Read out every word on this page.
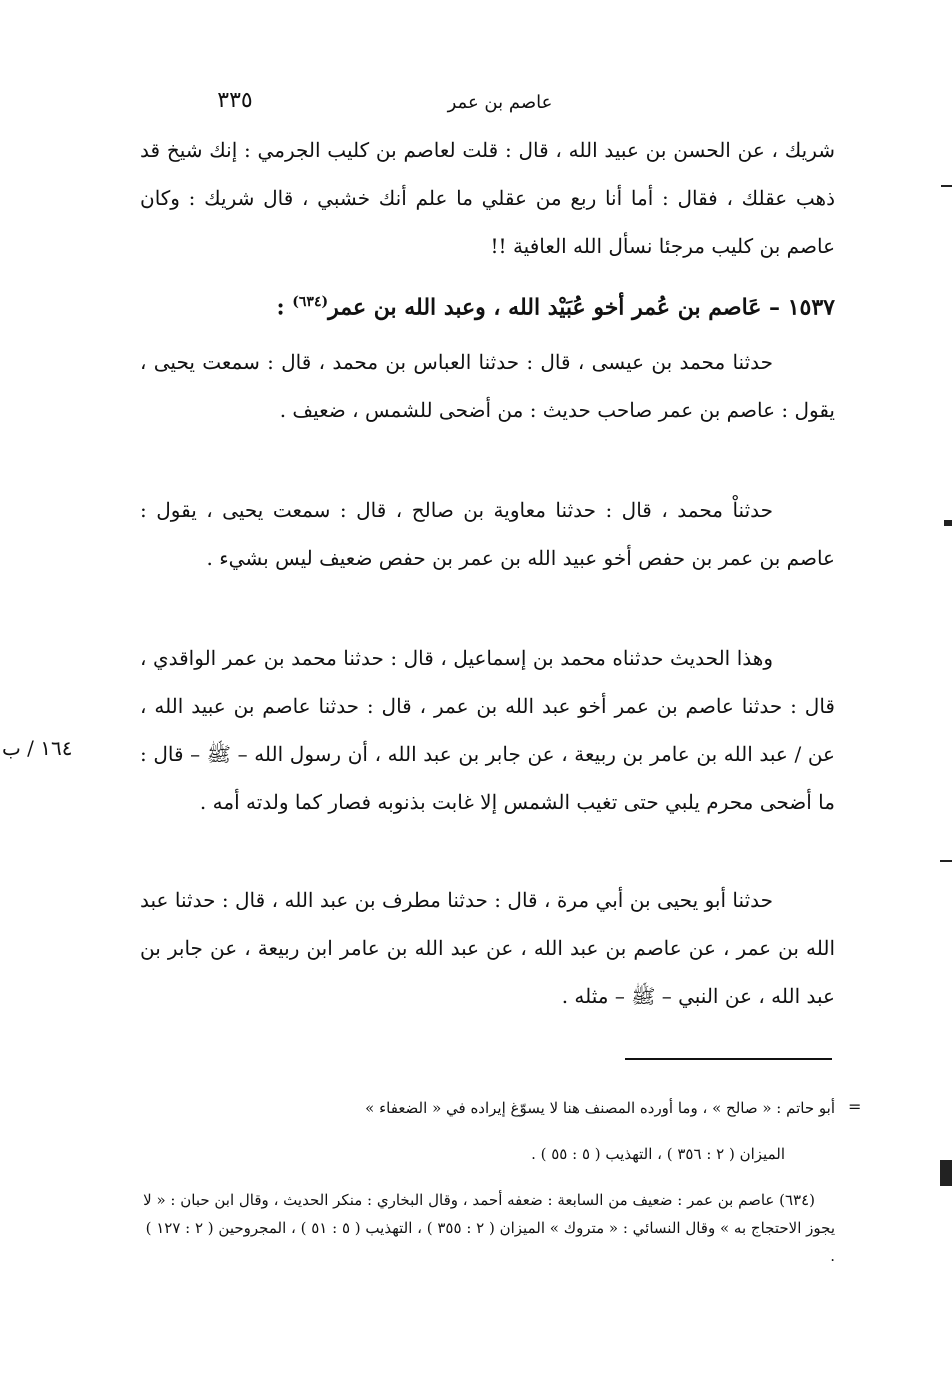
٣٣٥	عاصم بن عمر
شريك ، عن الحسن بن عبيد الله ، قال : قلت لعاصم بن كليب الجرمي : إنك شيخ قد ذهب عقلك ، فقال : أما أنا ربع من عقلي ما علم أنك خشبي ، قال شريك : وكان عاصم بن كليب مرجئا نسأل الله العافية !!
١٥٣٧ – عَاصم بن عُمر أخو عُبَيْد الله ، وعبد الله بن عمر$^{(٦٣٤)}$ :
حدثنا محمد بن عيسى ، قال : حدثنا العباس بن محمد ، قال : سمعت يحيى ، يقول : عاصم بن عمر صاحب حديث : من أضحى للشمس ، ضعيف .
حدثناْ محمد ، قال : حدثنا معاوية بن صالح ، قال : سمعت يحيى ، يقول : عاصم بن عمر بن حفص أخو عبيد الله بن عمر بن حفص ضعيف ليس بشيء .
وهذا الحديث حدثناه محمد بن إسماعيل ، قال : حدثنا محمد بن عمر الواقدي ، قال : حدثنا عاصم بن عمر أخو عبد الله بن عمر ، قال : حدثنا عاصم بن عبيد الله ، عن / عبد الله بن عامر بن ربيعة ، عن جابر بن عبد الله ، أن رسول الله – ﷺ – قال : ما أضحى محرم يلبي حتى تغيب الشمس إلا غابت بذنوبه فصار كما ولدته أمه .
١٦٤ / ب
حدثنا أبو يحيى بن أبي مرة ، قال : حدثنا مطرف بن عبد الله ، قال : حدثنا عبد الله بن عمر ، عن عاصم بن عبد الله ، عن عبد الله بن عامر ابن ربيعة ، عن جابر بن عبد الله ، عن النبي – ﷺ – مثله .
=
أبو حاتم : « صالح » ، وما أورده المصنف هنا لا يسوّغ إيراده في « الضعفاء »
الميزان ( ٢ : ٣٥٦ ) ، التهذيب ( ٥ : ٥٥ ) .
(٦٣٤) عاصم بن عمر : ضعيف من السابعة : ضعفه أحمد ، وقال البخاري : منكر الحديث ، وقال ابن حبان : « لا يجوز الاحتجاج به » وقال النسائي : « متروك » الميزان ( ٢ : ٣٥٥ ) ، التهذيب ( ٥ : ٥١ ) ، المجروحين ( ٢ : ١٢٧ ) .
